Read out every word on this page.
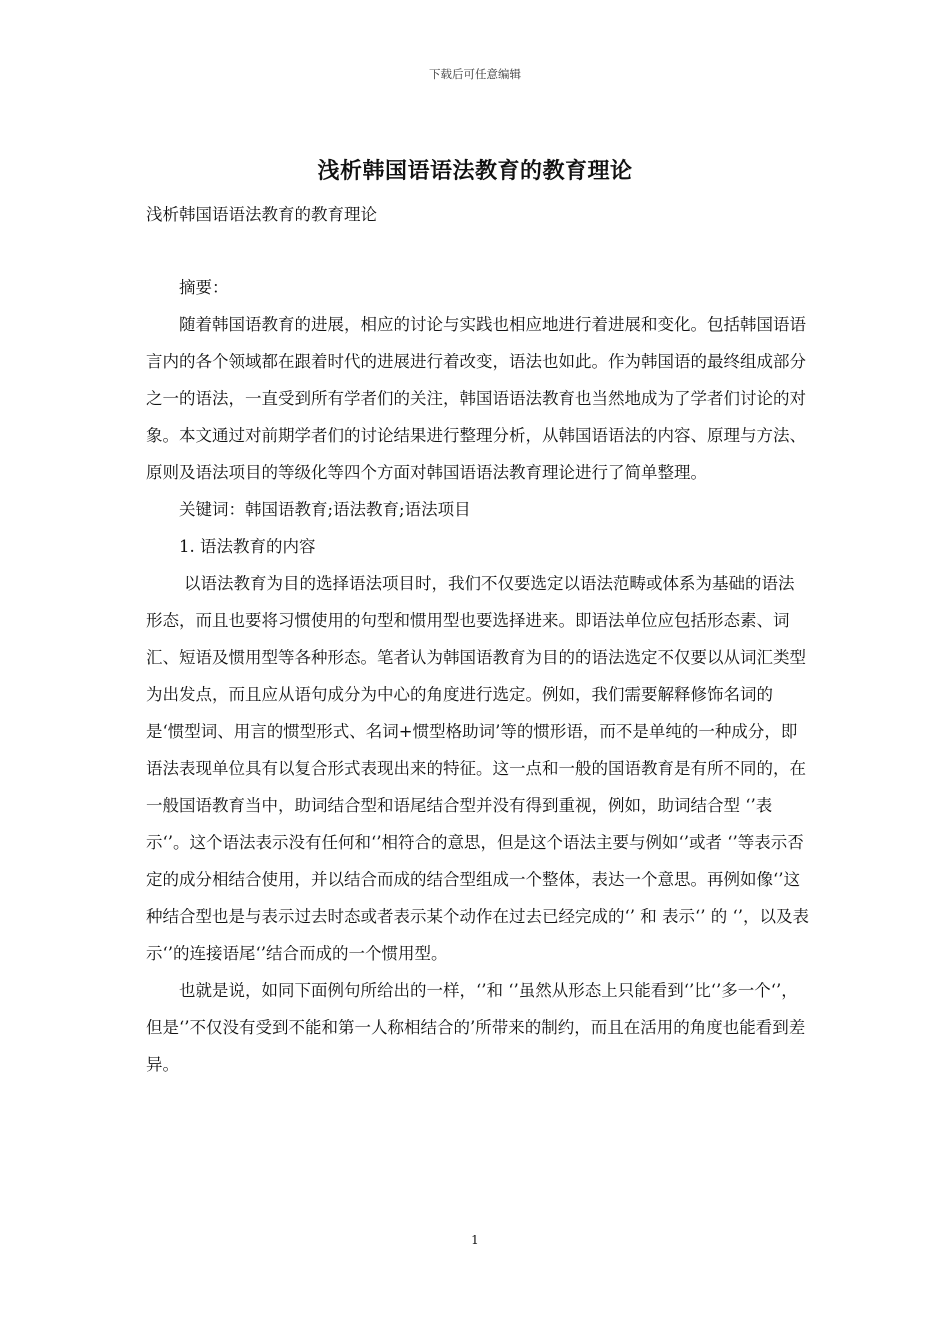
下载后可任意编辑
浅析韩国语语法教育的教育理论
浅析韩国语语法教育的教育理论

摘要：

随着韩国语教育的进展，相应的讨论与实践也相应地进行着进展和变化。包括韩国语语言内的各个领域都在跟着时代的进展进行着改变，语法也如此。作为韩国语的最终组成部分之一的语法，一直受到所有学者们的关注，韩国语语法教育也当然地成为了学者们讨论的对象。本文通过对前期学者们的讨论结果进行整理分析，从韩国语语法的内容、原理与方法、原则及语法项目的等级化等四个方面对韩国语语法教育理论进行了简单整理。

关键词：韩国语教育;语法教育;语法项目

1. 语法教育的内容

以语法教育为目的选择语法项目时，我们不仅要选定以语法范畴或体系为基础的语法形态，而且也要将习惯使用的句型和惯用型也要选择进来。即语法单位应包括形态素、词汇、短语及惯用型等各种形态。笔者认为韩国语教育为目的的语法选定不仅要以从词汇类型为出发点，而且应从语句成分为中心的角度进行选定。例如，我们需要解释修饰名词的是‘惯型词、用言的惯型形式、名词+惯型格助词’等的惯形语，而不是单纯的一种成分，即语法表现单位具有以复合形式表现出来的特征。这一点和一般的国语教育是有所不同的，在一般国语教育当中，助词结合型和语尾结合型并没有得到重视，例如，助词结合型 ‘’表示‘’。这个语法表示没有任何和‘’相符合的意思，但是这个语法主要与例如‘’或者 ‘’等表示否定的成分相结合使用，并以结合而成的结合型组成一个整体，表达一个意思。再例如像‘’这种结合型也是与表示过去时态或者表示某个动作在过去已经完成的‘’ 和 表示‘’ 的 ‘’，以及表示‘’的连接语尾‘’结合而成的一个惯用型。

也就是说，如同下面例句所给出的一样，‘’和 ‘’虽然从形态上只能看到‘’比‘’多一个‘’，但是‘’不仅没有受到不能和第一人称相结合的’所带来的制约，而且在活用的角度也能看到差异。

1
